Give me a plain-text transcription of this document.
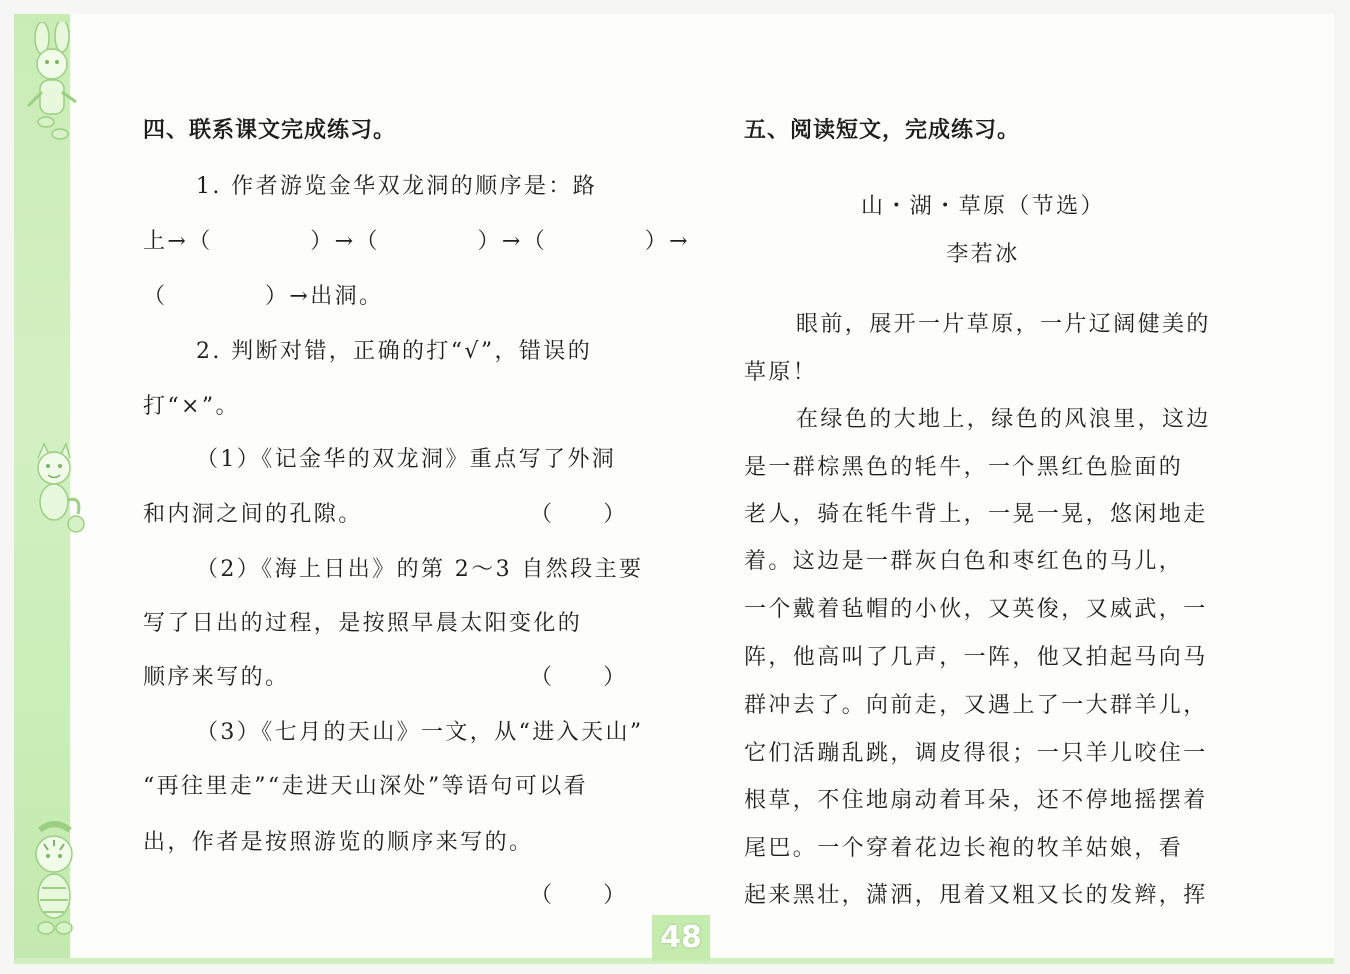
四、联系课文完成练习。
1. 作者游览金华双龙洞的顺序是：路
上→（　　　　）→（　　　　）→（　　　　）→
（　　　　）→出洞。
2. 判断对错，正确的打“√”，错误的
打“×”。
（1）《记金华的双龙洞》重点写了外洞
和内洞之间的孔隙。	（　　）
（2）《海上日出》的第 2～3 自然段主要
写了日出的过程，是按照早晨太阳变化的
顺序来写的。	（　　）
（3）《七月的天山》一文，从“进入天山”
“再往里走”“走进天山深处”等语句可以看
出，作者是按照游览的顺序来写的。
（　　）
五、阅读短文，完成练习。
山・湖・草原（节选）
李若冰
眼前，展开一片草原，一片辽阔健美的
草原！
在绿色的大地上，绿色的风浪里，这边
是一群棕黑色的牦牛，一个黑红色脸面的
老人，骑在牦牛背上，一晃一晃，悠闲地走
着。这边是一群灰白色和枣红色的马儿，
一个戴着毡帽的小伙，又英俊，又威武，一
阵，他高叫了几声，一阵，他又拍起马向马
群冲去了。向前走，又遇上了一大群羊儿，
它们活蹦乱跳，调皮得很；一只羊儿咬住一
根草，不住地扇动着耳朵，还不停地摇摆着
尾巴。一个穿着花边长袍的牧羊姑娘，看
起来黑壮，潇洒，甩着又粗又长的发辫，挥
48
